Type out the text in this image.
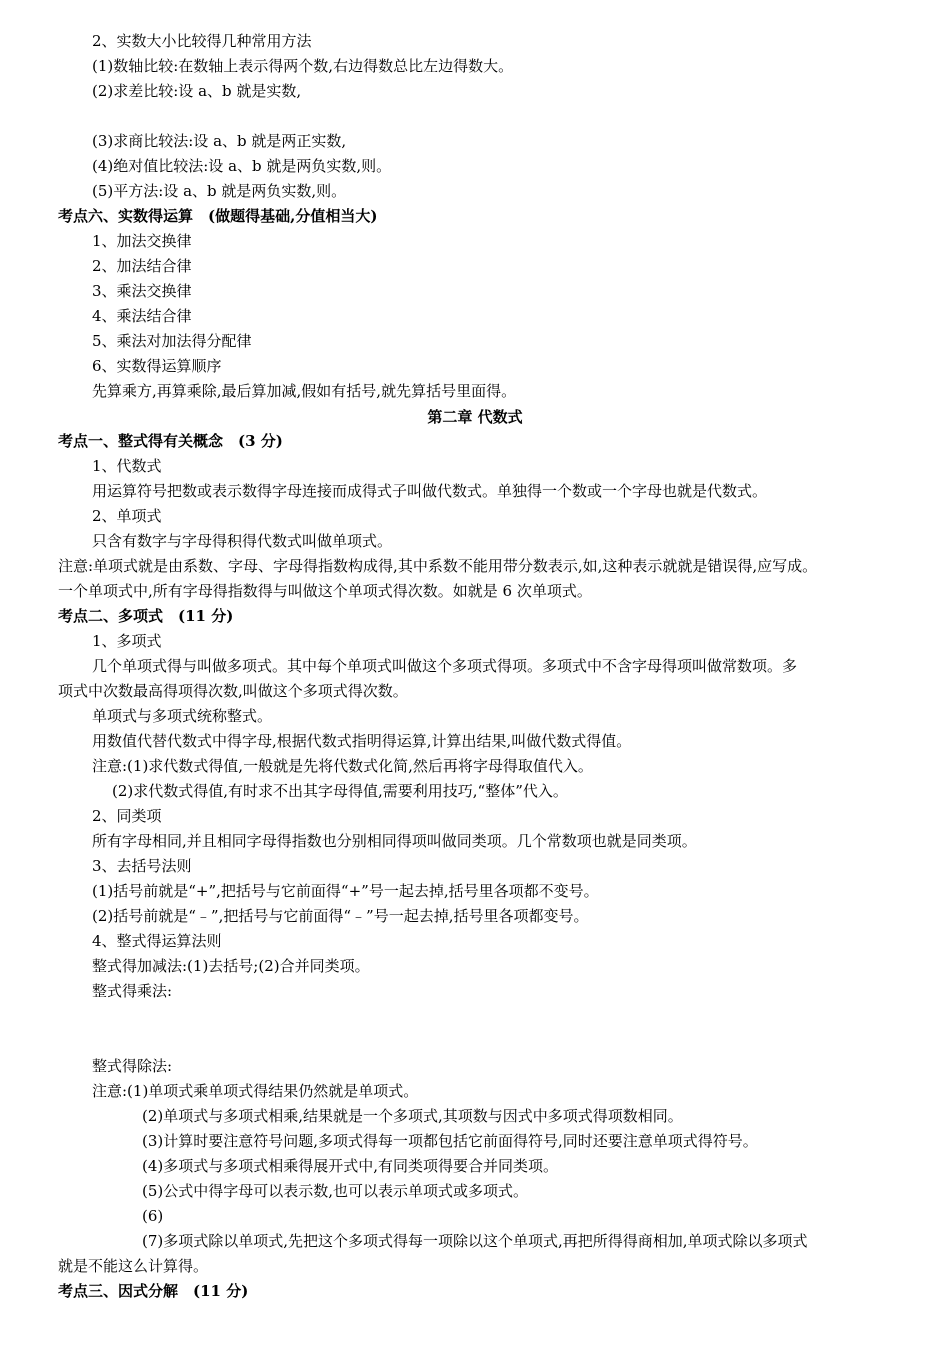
2、实数大小比较得几种常用方法
(1)数轴比较:在数轴上表示得两个数,右边得数总比左边得数大。
(2)求差比较:设 a、b 就是实数,
(3)求商比较法:设 a、b 就是两正实数,
(4)绝对值比较法:设 a、b 就是两负实数,则。
(5)平方法:设 a、b 就是两负实数,则。
考点六、实数得运算　(做题得基础,分值相当大)
1、加法交换律
2、加法结合律
3、乘法交换律
4、乘法结合律
5、乘法对加法得分配律
6、实数得运算顺序
先算乘方,再算乘除,最后算加减,假如有括号,就先算括号里面得。
第二章 代数式
考点一、整式得有关概念　(3 分)
1、代数式
用运算符号把数或表示数得字母连接而成得式子叫做代数式。单独得一个数或一个字母也就是代数式。
2、单项式
只含有数字与字母得积得代数式叫做单项式。
注意:单项式就是由系数、字母、字母得指数构成得,其中系数不能用带分数表示,如,这种表示就就是错误得,应写成。
一个单项式中,所有字母得指数得与叫做这个单项式得次数。如就是 6 次单项式。
考点二、多项式　(11 分)
1、多项式
几个单项式得与叫做多项式。其中每个单项式叫做这个多项式得项。多项式中不含字母得项叫做常数项。多
项式中次数最高得项得次数,叫做这个多项式得次数。
单项式与多项式统称整式。
用数值代替代数式中得字母,根据代数式指明得运算,计算出结果,叫做代数式得值。
注意:(1)求代数式得值,一般就是先将代数式化简,然后再将字母得取值代入。
(2)求代数式得值,有时求不出其字母得值,需要利用技巧,“整体”代入。
2、同类项
所有字母相同,并且相同字母得指数也分别相同得项叫做同类项。几个常数项也就是同类项。
3、去括号法则
(1)括号前就是“+”,把括号与它前面得“+”号一起去掉,括号里各项都不变号。
(2)括号前就是“﹣”,把括号与它前面得“﹣”号一起去掉,括号里各项都变号。
4、整式得运算法则
整式得加减法:(1)去括号;(2)合并同类项。
整式得乘法:
整式得除法:
注意:(1)单项式乘单项式得结果仍然就是单项式。
(2)单项式与多项式相乘,结果就是一个多项式,其项数与因式中多项式得项数相同。
(3)计算时要注意符号问题,多项式得每一项都包括它前面得符号,同时还要注意单项式得符号。
(4)多项式与多项式相乘得展开式中,有同类项得要合并同类项。
(5)公式中得字母可以表示数,也可以表示单项式或多项式。
(6)
(7)多项式除以单项式,先把这个多项式得每一项除以这个单项式,再把所得得商相加,单项式除以多项式
就是不能这么计算得。
考点三、因式分解　(11 分)
